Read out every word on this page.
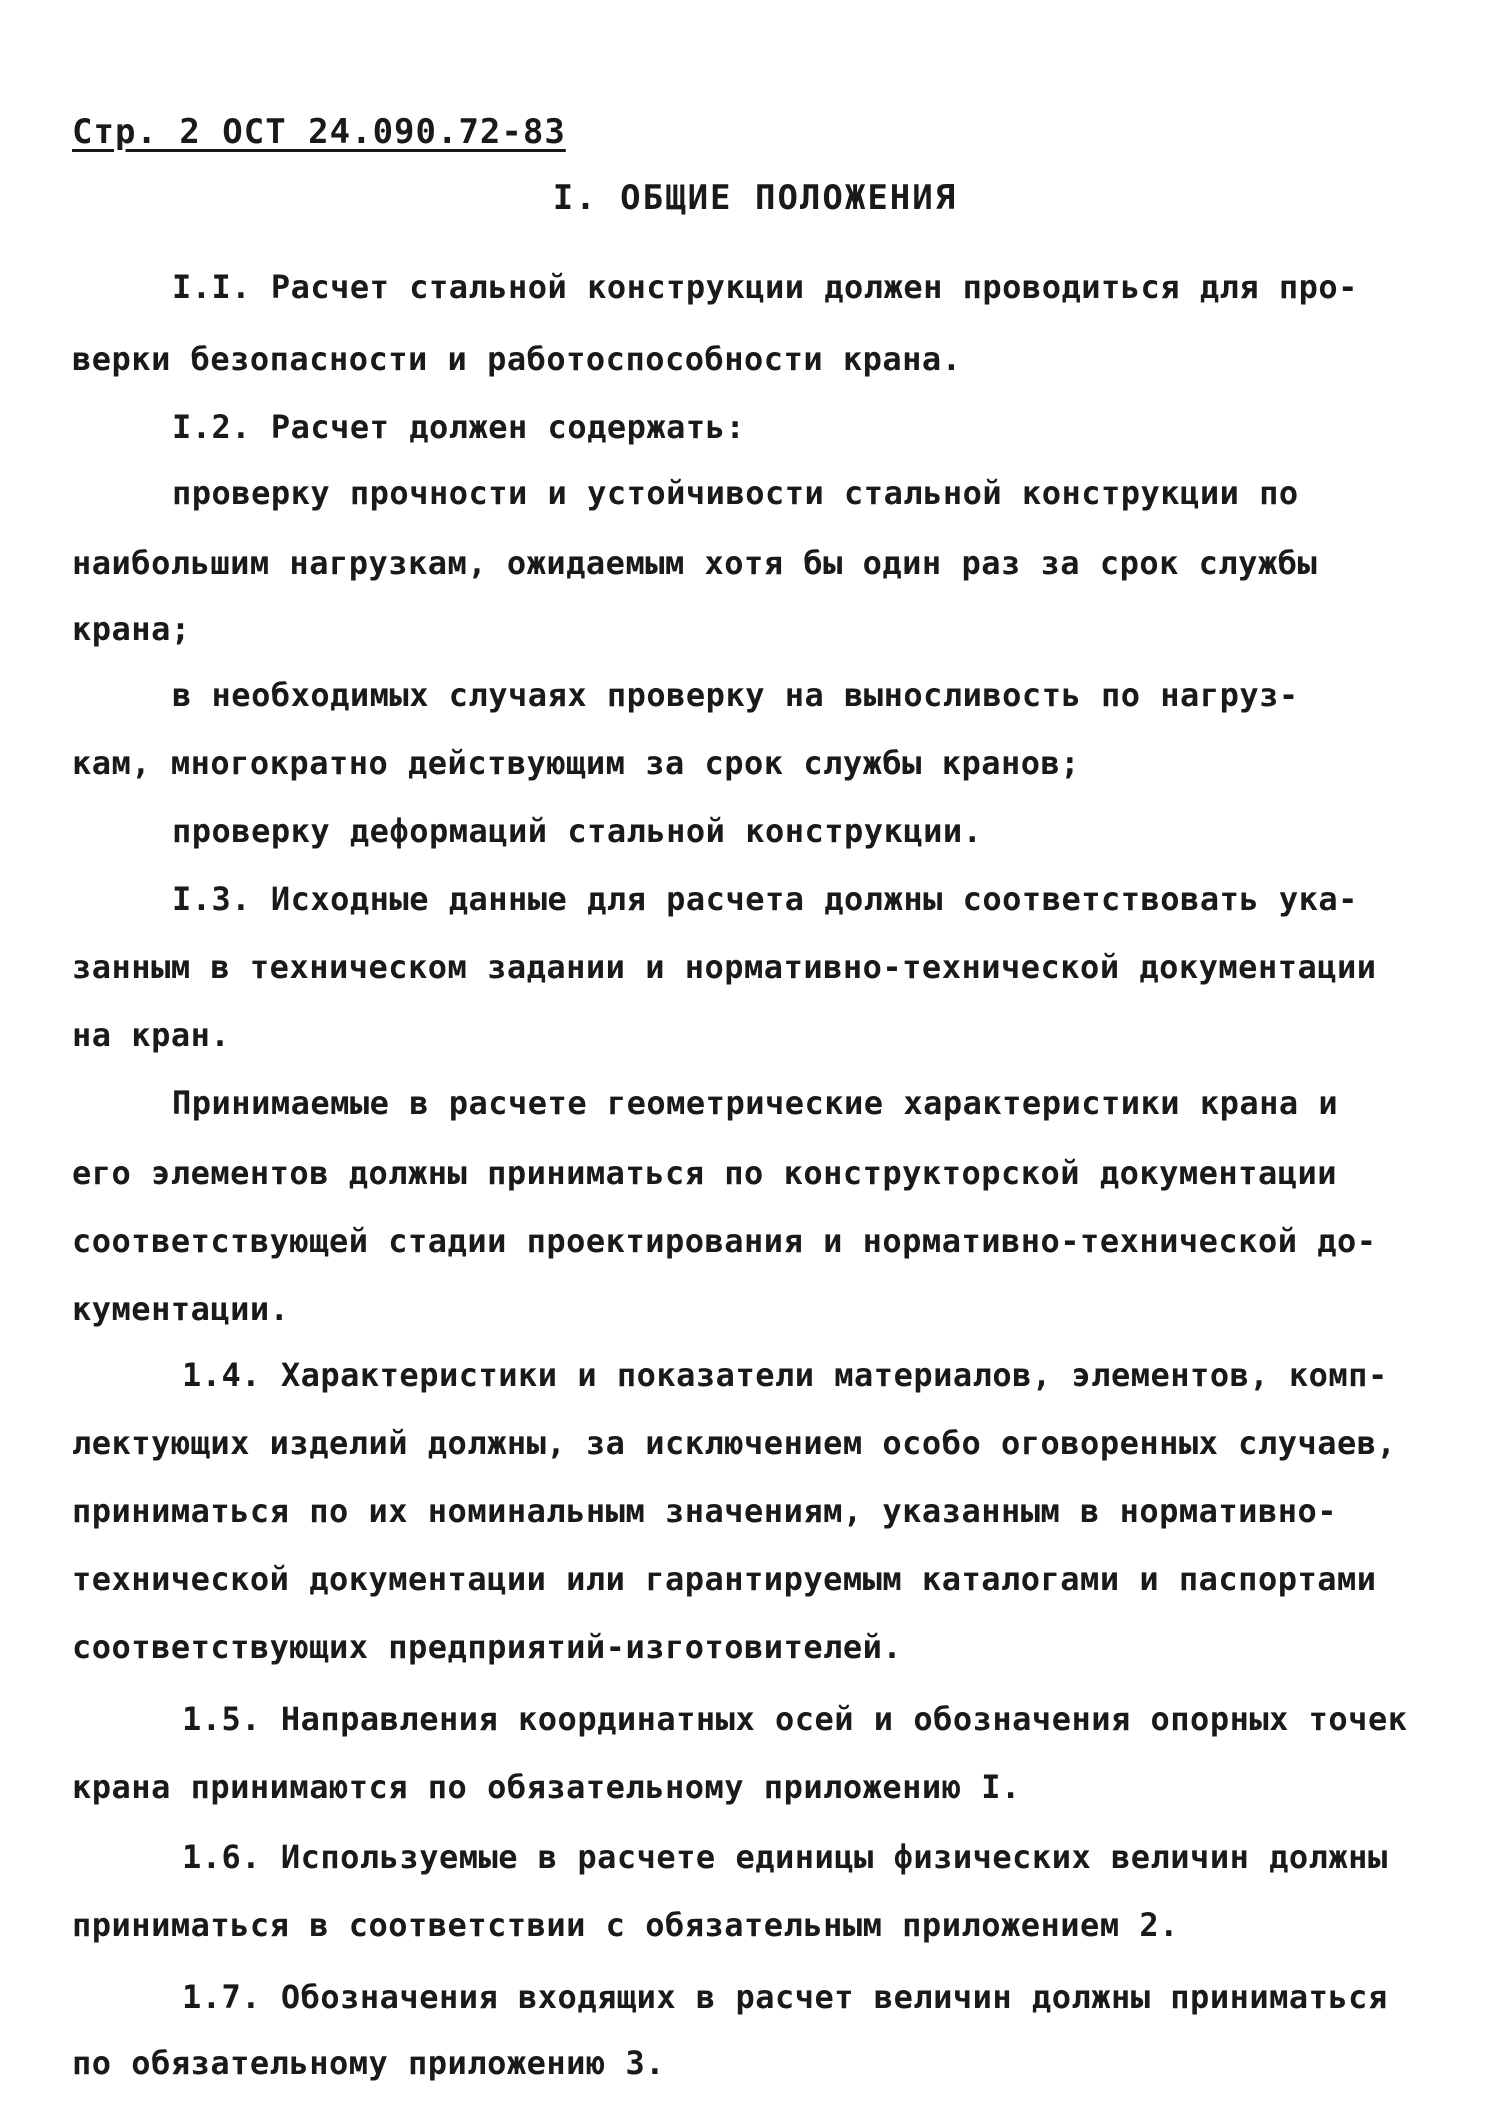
Стр. 2 ОСТ 24.090.72-83
I. ОБЩИЕ ПОЛОЖЕНИЯ
I.I. Расчет стальной конструкции должен проводиться для про-
верки безопасности и работоспособности крана.
I.2. Расчет должен содержать:
проверку прочности и устойчивости стальной конструкции по
наибольшим нагрузкам, ожидаемым хотя бы один раз за срок службы
крана;
в необходимых случаях проверку на выносливость по нагруз-
кам, многократно действующим за срок службы кранов;
проверку деформаций стальной конструкции.
I.3. Исходные данные для расчета должны соответствовать ука-
занным в техническом задании и нормативно-технической документации
на кран.
Принимаемые в расчете геометрические характеристики крана и
его элементов должны приниматься по конструкторской документации
соответствующей стадии проектирования и нормативно-технической до-
кументации.
1.4. Характеристики и показатели материалов, элементов, комп-
лектующих изделий должны, за исключением особо оговоренных случаев,
приниматься по их номинальным значениям, указанным в нормативно-
технической документации или гарантируемым каталогами и паспортами
соответствующих предприятий-изготовителей.
1.5. Направления координатных осей и обозначения опорных точек
крана принимаются по обязательному приложению I.
1.6. Используемые в расчете единицы физических величин должны
приниматься в соответствии с обязательным приложением 2.
1.7. Обозначения входящих в расчет величин должны приниматься
по обязательному приложению 3.
